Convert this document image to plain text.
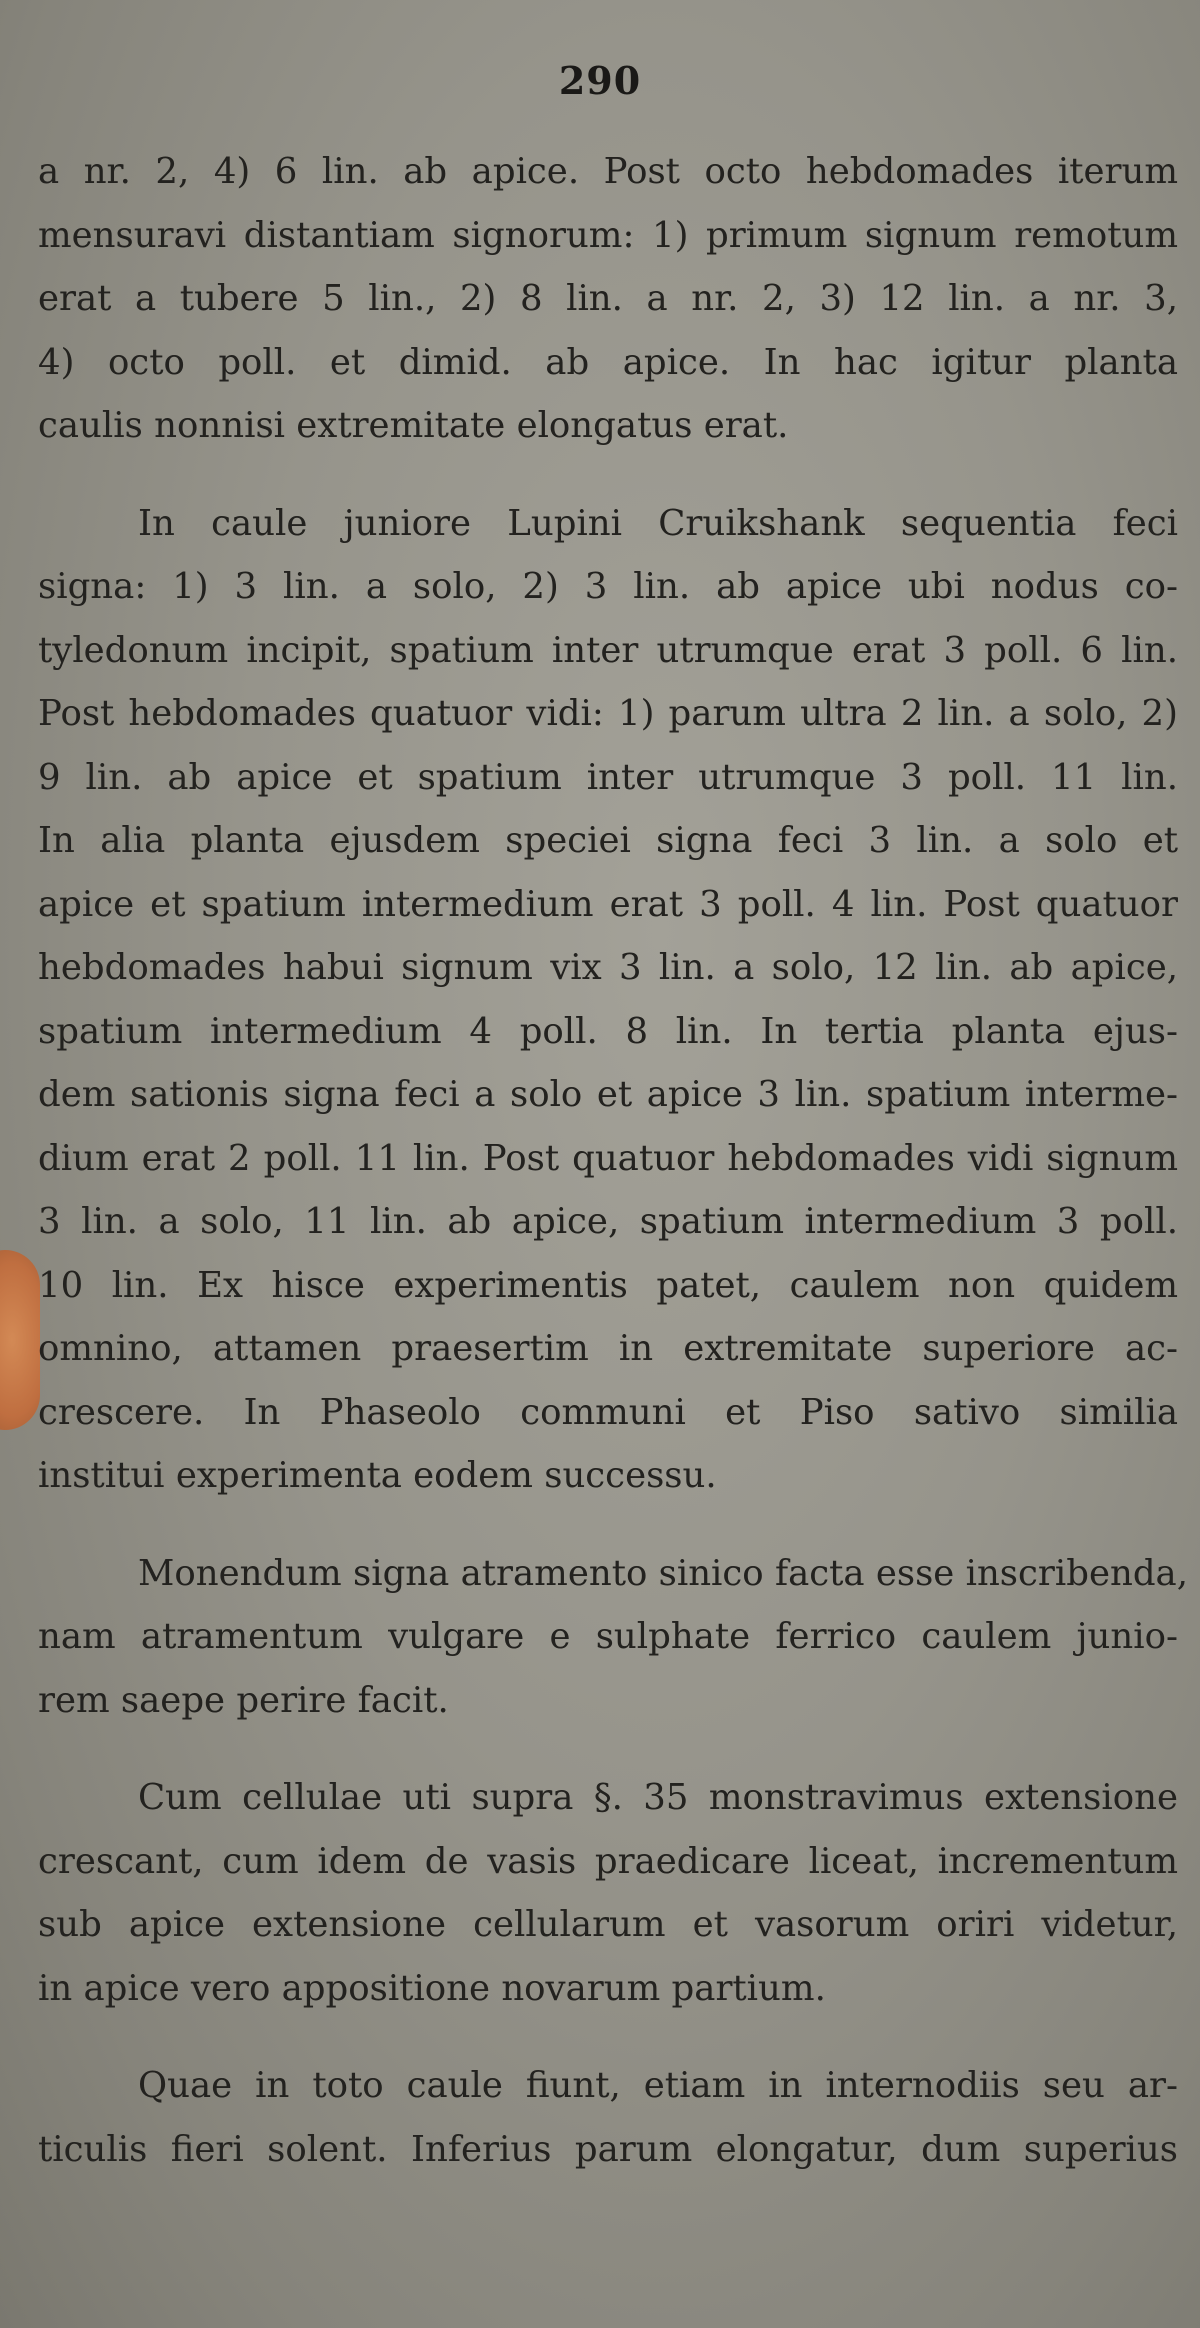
290
a nr. 2, 4) 6 lin. ab apice. Post octo hebdomades iterum
mensuravi distantiam signorum: 1) primum signum remotum
erat a tubere 5 lin., 2) 8 lin. a nr. 2, 3) 12 lin. a nr. 3,
4) octo poll. et dimid. ab apice. In hac igitur planta
caulis nonnisi extremitate elongatus erat.
In caule juniore Lupini Cruikshank sequentia feci
signa: 1) 3 lin. a solo, 2) 3 lin. ab apice ubi nodus co-
tyledonum incipit, spatium inter utrumque erat 3 poll. 6 lin.
Post hebdomades quatuor vidi: 1) parum ultra 2 lin. a solo, 2)
9 lin. ab apice et spatium inter utrumque 3 poll. 11 lin.
In alia planta ejusdem speciei signa feci 3 lin. a solo et
apice et spatium intermedium erat 3 poll. 4 lin. Post quatuor
hebdomades habui signum vix 3 lin. a solo, 12 lin. ab apice,
spatium intermedium 4 poll. 8 lin. In tertia planta ejus-
dem sationis signa feci a solo et apice 3 lin. spatium interme-
dium erat 2 poll. 11 lin. Post quatuor hebdomades vidi signum
3 lin. a solo, 11 lin. ab apice, spatium intermedium 3 poll.
10 lin. Ex hisce experimentis patet, caulem non quidem
omnino, attamen praesertim in extremitate superiore ac-
crescere. In Phaseolo communi et Piso sativo similia
institui experimenta eodem successu.
Monendum signa atramento sinico facta esse inscribenda,
nam atramentum vulgare e sulphate ferrico caulem junio-
rem saepe perire facit.
Cum cellulae uti supra §. 35 monstravimus extensione
crescant, cum idem de vasis praedicare liceat, incrementum
sub apice extensione cellularum et vasorum oriri videtur,
in apice vero appositione novarum partium.
Quae in toto caule fiunt, etiam in internodiis seu ar-
ticulis fieri solent. Inferius parum elongatur, dum superius
